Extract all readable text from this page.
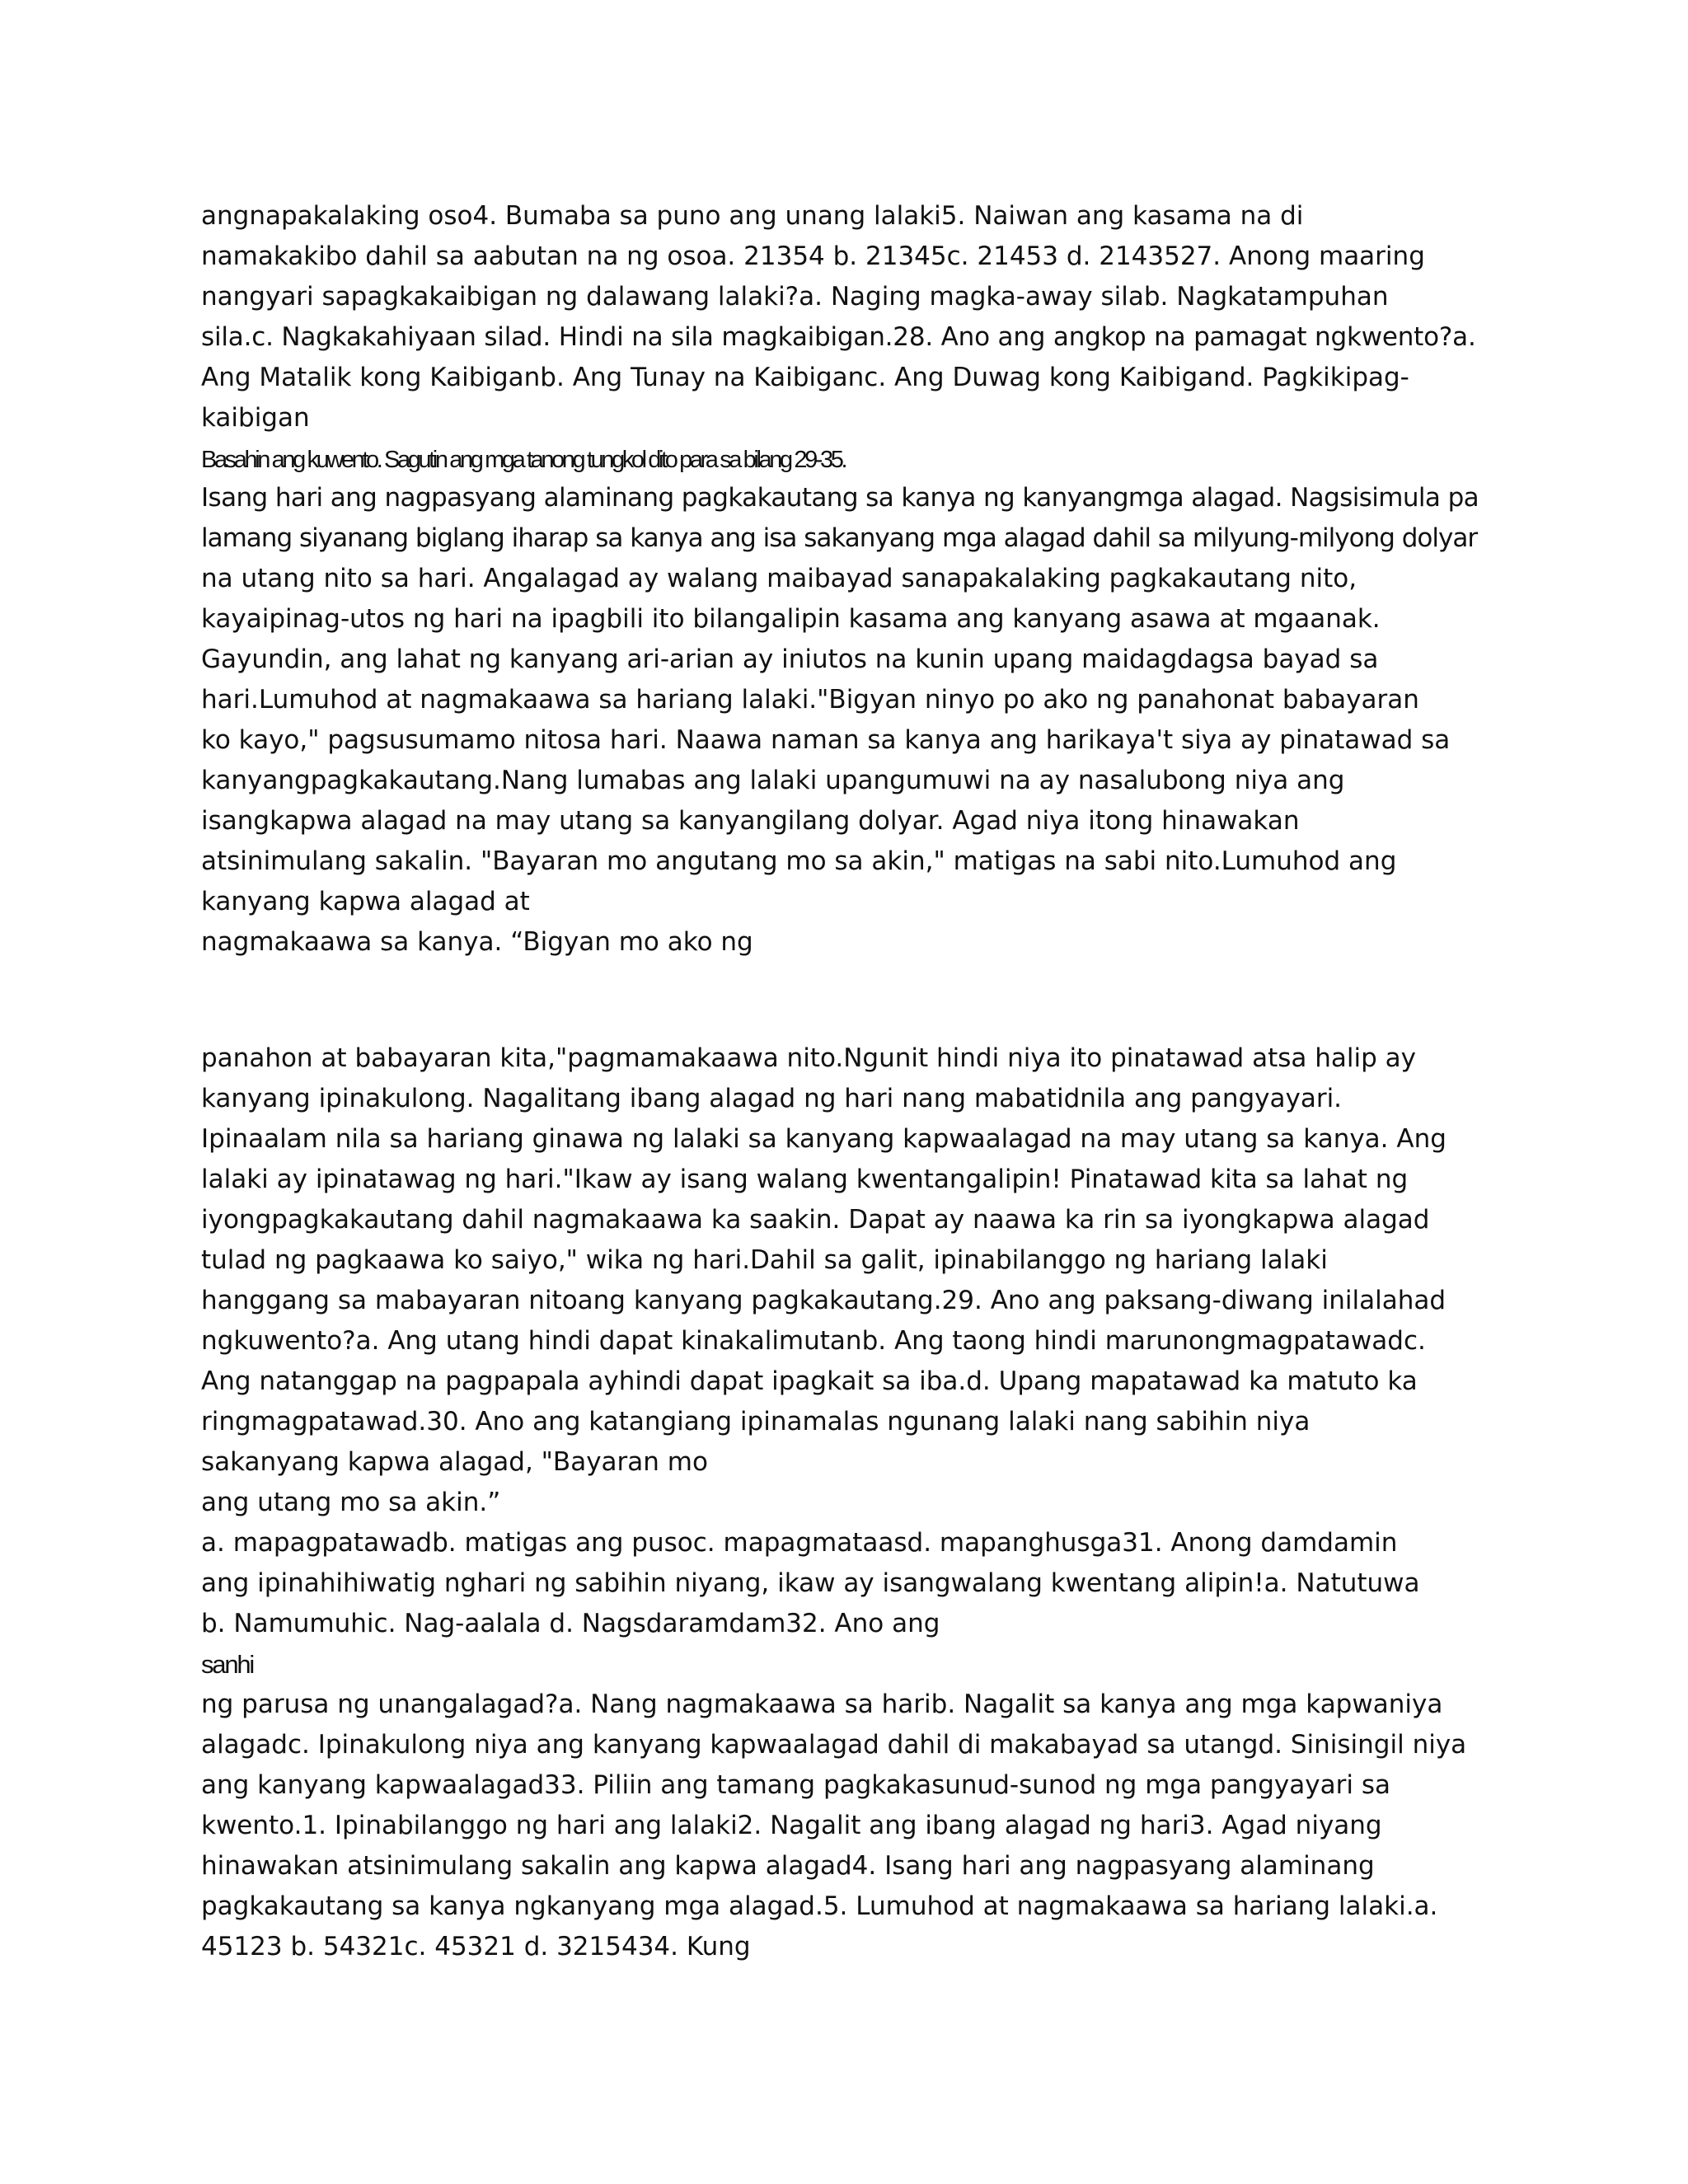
angnapakalaking oso4. Bumaba sa puno ang unang lalaki5. Naiwan ang kasama na di
namakakibo dahil sa aabutan na ng osoa. 21354 b. 21345c. 21453 d. 2143527. Anong maaring
nangyari sapagkakaibigan ng dalawang lalaki?a. Naging magka-away silab. Nagkatampuhan
sila.c. Nagkakahiyaan silad. Hindi na sila magkaibigan.28. Ano ang angkop na pamagat ngkwento?a.
Ang Matalik kong Kaibiganb. Ang Tunay na Kaibiganc. Ang Duwag kong Kaibigand. Pagkikipag-
kaibigan
Basahin ang kuwento. Sagutin ang mga tanong tungkol dito para sa bilang 29-35.
Isang hari ang nagpasyang alaminang pagkakautang sa kanya ng kanyangmga alagad. Nagsisimula pa
lamang siyanang biglang iharap sa kanya ang isa sakanyang mga alagad dahil sa milyung-milyong dolyar
na utang nito sa hari. Angalagad ay walang maibayad sanapakalaking pagkakautang nito,
kayaipinag-utos ng hari na ipagbili ito bilangalipin kasama ang kanyang asawa at mgaanak.
Gayundin, ang lahat ng kanyang ari-arian ay iniutos na kunin upang maidagdagsa bayad sa
hari.Lumuhod at nagmakaawa sa hariang lalaki."Bigyan ninyo po ako ng panahonat babayaran
ko kayo," pagsusumamo nitosa hari. Naawa naman sa kanya ang harikaya't siya ay pinatawad sa
kanyangpagkakautang.Nang lumabas ang lalaki upangumuwi na ay nasalubong niya ang
isangkapwa alagad na may utang sa kanyangilang dolyar. Agad niya itong hinawakan
atsinimulang sakalin. "Bayaran mo angutang mo sa akin," matigas na sabi nito.Lumuhod ang
kanyang kapwa alagad at
nagmakaawa sa kanya. “Bigyan mo ako ng
panahon at babayaran kita,"pagmamakaawa nito.Ngunit hindi niya ito pinatawad atsa halip ay
kanyang ipinakulong. Nagalitang ibang alagad ng hari nang mabatidnila ang pangyayari.
Ipinaalam nila sa hariang ginawa ng lalaki sa kanyang kapwaalagad na may utang sa kanya. Ang
lalaki ay ipinatawag ng hari."Ikaw ay isang walang kwentangalipin! Pinatawad kita sa lahat ng
iyongpagkakautang dahil nagmakaawa ka saakin. Dapat ay naawa ka rin sa iyongkapwa alagad
tulad ng pagkaawa ko saiyo," wika ng hari.Dahil sa galit, ipinabilanggo ng hariang lalaki
hanggang sa mabayaran nitoang kanyang pagkakautang.29. Ano ang paksang-diwang inilalahad
ngkuwento?a. Ang utang hindi dapat kinakalimutanb. Ang taong hindi marunongmagpatawadc.
Ang natanggap na pagpapala ayhindi dapat ipagkait sa iba.d. Upang mapatawad ka matuto ka
ringmagpatawad.30. Ano ang katangiang ipinamalas ngunang lalaki nang sabihin niya
sakanyang kapwa alagad, "Bayaran mo
ang utang mo sa akin.”
a. mapagpatawadb. matigas ang pusoc. mapagmataasd. mapanghusga31. Anong damdamin
ang ipinahihiwatig nghari ng sabihin niyang, ikaw ay isangwalang kwentang alipin!a. Natutuwa
b. Namumuhic. Nag-aalala d. Nagsdaramdam32. Ano ang
sanhi
ng parusa ng unangalagad?a. Nang nagmakaawa sa harib. Nagalit sa kanya ang mga kapwaniya
alagadc. Ipinakulong niya ang kanyang kapwaalagad dahil di makabayad sa utangd. Sinisingil niya
ang kanyang kapwaalagad33. Piliin ang tamang pagkakasunud-sunod ng mga pangyayari sa
kwento.1. Ipinabilanggo ng hari ang lalaki2. Nagalit ang ibang alagad ng hari3. Agad niyang
hinawakan atsinimulang sakalin ang kapwa alagad4. Isang hari ang nagpasyang alaminang
pagkakautang sa kanya ngkanyang mga alagad.5. Lumuhod at nagmakaawa sa hariang lalaki.a.
45123 b. 54321c. 45321 d. 3215434. Kung
